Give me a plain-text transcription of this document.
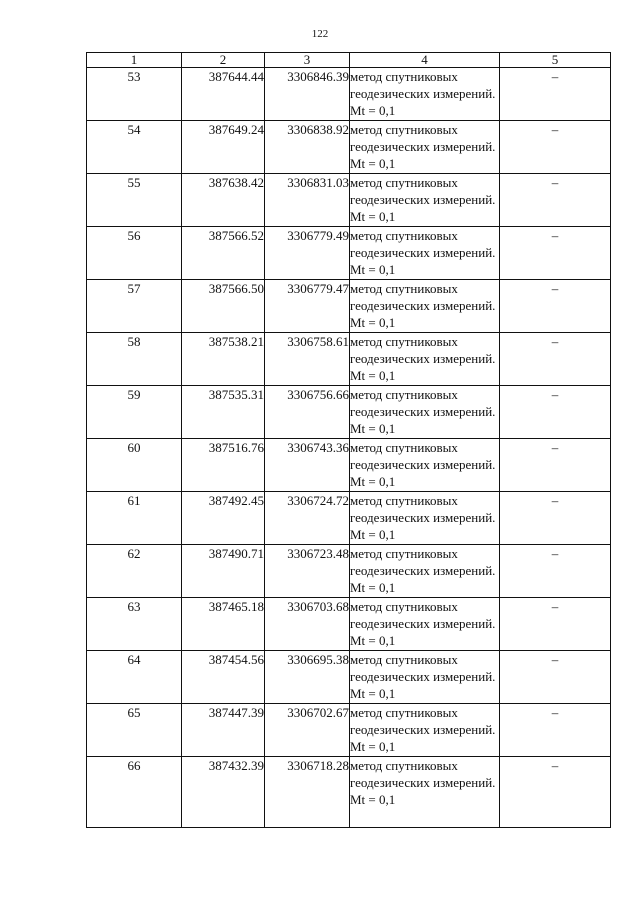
122
1	2	3	4	5
53	387644.44	3306846.39	метод спутниковых геодезических измерений. Mt = 0,1	–
54	387649.24	3306838.92	метод спутниковых геодезических измерений. Mt = 0,1	–
55	387638.42	3306831.03	метод спутниковых геодезических измерений. Mt = 0,1	–
56	387566.52	3306779.49	метод спутниковых геодезических измерений. Mt = 0,1	–
57	387566.50	3306779.47	метод спутниковых геодезических измерений. Mt = 0,1	–
58	387538.21	3306758.61	метод спутниковых геодезических измерений. Mt = 0,1	–
59	387535.31	3306756.66	метод спутниковых геодезических измерений. Mt = 0,1	–
60	387516.76	3306743.36	метод спутниковых геодезических измерений. Mt = 0,1	–
61	387492.45	3306724.72	метод спутниковых геодезических измерений. Mt = 0,1	–
62	387490.71	3306723.48	метод спутниковых геодезических измерений. Mt = 0,1	–
63	387465.18	3306703.68	метод спутниковых геодезических измерений. Mt = 0,1	–
64	387454.56	3306695.38	метод спутниковых геодезических измерений. Mt = 0,1	–
65	387447.39	3306702.67	метод спутниковых геодезических измерений. Mt = 0,1	–
66	387432.39	3306718.28	метод спутниковых геодезических измерений. Mt = 0,1	–
